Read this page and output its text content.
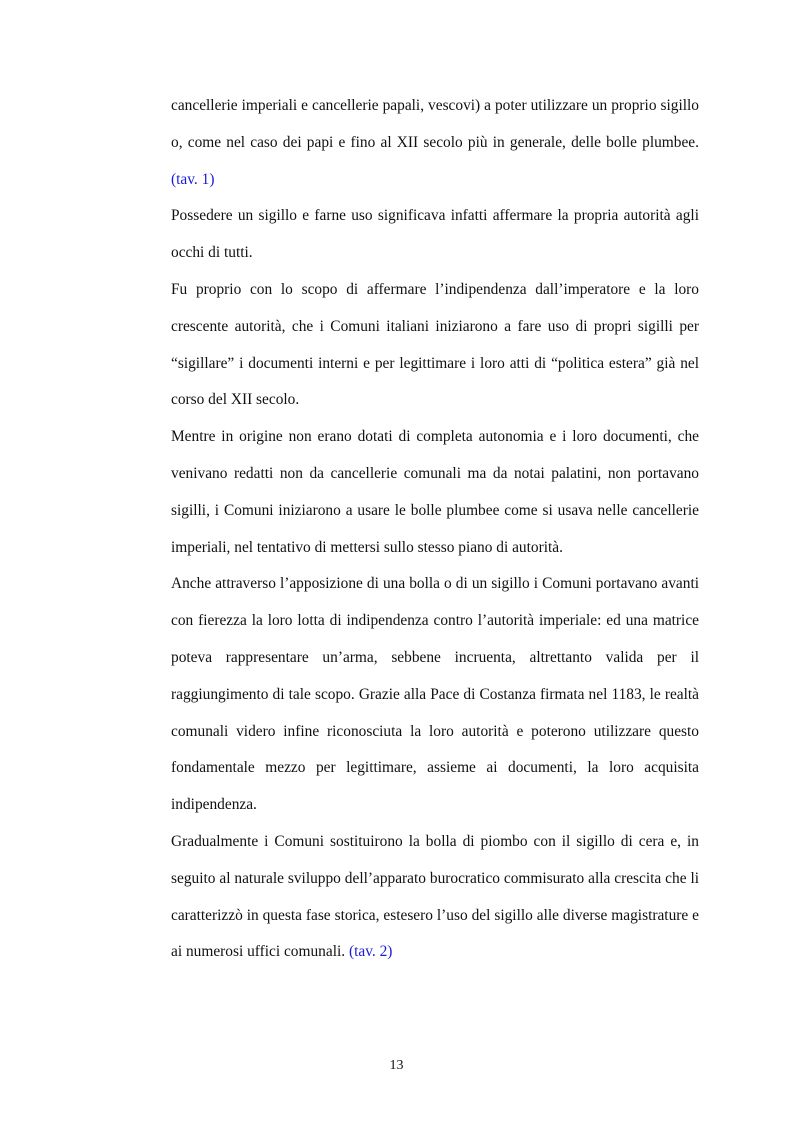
cancellerie imperiali e cancellerie papali, vescovi) a poter utilizzare un proprio sigillo o, come nel caso dei papi e fino al XII secolo più in generale, delle bolle plumbee. (tav. 1)

Possedere un sigillo e farne uso significava infatti affermare la propria autorità agli occhi di tutti.

Fu proprio con lo scopo di affermare l’indipendenza dall’imperatore e la loro crescente autorità, che i Comuni italiani iniziarono a fare uso di propri sigilli per “sigillare” i documenti interni e per legittimare i loro atti di “politica estera” già nel corso del XII secolo.

Mentre in origine non erano dotati di completa autonomia e i loro documenti, che venivano redatti non da cancellerie comunali ma da notai palatini, non portavano sigilli, i Comuni iniziarono a usare le bolle plumbee come si usava nelle cancellerie imperiali, nel tentativo di mettersi sullo stesso piano di autorità.

Anche attraverso l’apposizione di una bolla o di un sigillo i Comuni portavano avanti con fierezza la loro lotta di indipendenza contro l’autorità imperiale: ed una matrice poteva rappresentare un’arma, sebbene incruenta, altrettanto valida per il raggiungimento di tale scopo. Grazie alla Pace di Costanza firmata nel 1183, le realtà comunali videro infine riconosciuta la loro autorità e poterono utilizzare questo fondamentale mezzo per legittimare, assieme ai documenti, la loro acquisita indipendenza.

Gradualmente i Comuni sostituirono la bolla di piombo con il sigillo di cera e, in seguito al naturale sviluppo dell’apparato burocratico commisurato alla crescita che li caratterizzò in questa fase storica, estesero l’uso del sigillo alle diverse magistrature e ai numerosi uffici comunali. (tav. 2)

13
